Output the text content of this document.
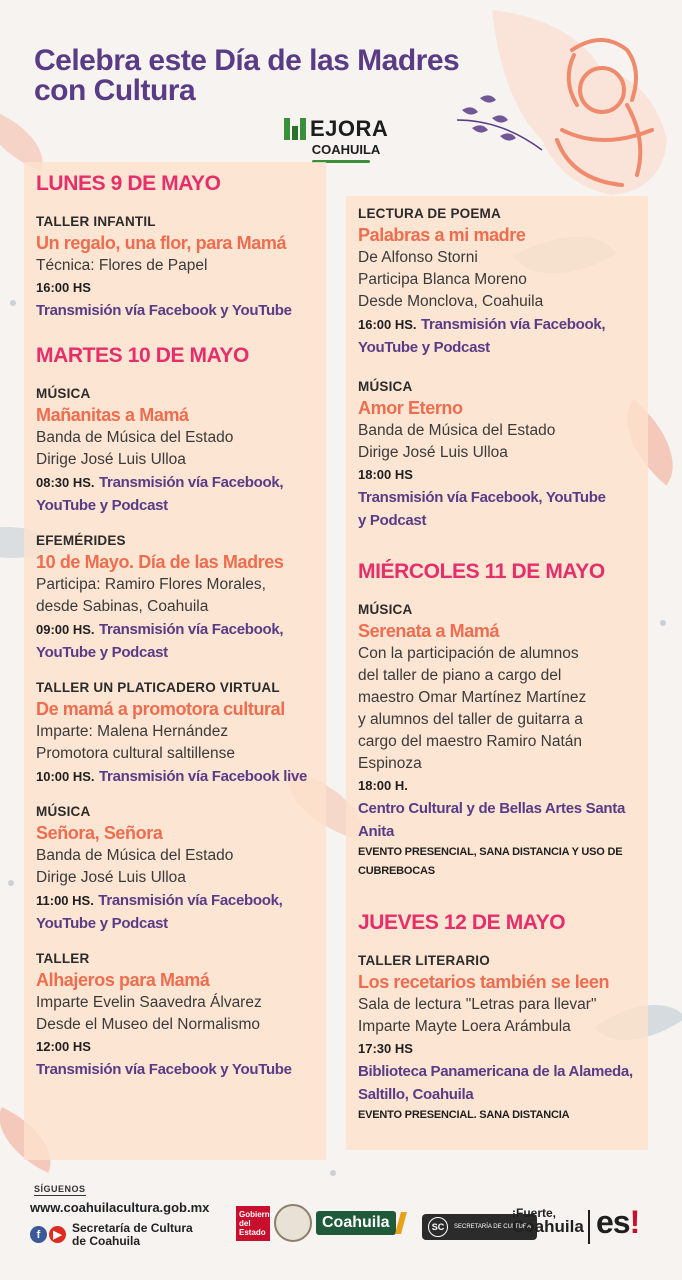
Celebra este Día de las Madres con Cultura
EJORA
COAHUILA
LUNES 9 DE MAYO
TALLER INFANTIL
Un regalo, una flor, para Mamá
Técnica: Flores de Papel
16:00 HS
Transmisión vía Facebook y YouTube
MARTES 10 DE MAYO
MÚSICA
Mañanitas a Mamá
Banda de Música del Estado
Dirige José Luis Ulloa
08:30 HS. Transmisión vía Facebook,
YouTube y Podcast
EFEMÉRIDES
10 de Mayo. Día de las Madres
Participa: Ramiro Flores Morales,
desde Sabinas, Coahuila
09:00 HS. Transmisión vía Facebook,
YouTube y Podcast
TALLER UN PLATICADERO VIRTUAL
De mamá a promotora cultural
Imparte: Malena Hernández
Promotora cultural saltillense
10:00 HS. Transmisión vía Facebook live
MÚSICA
Señora, Señora
Banda de Música del Estado
Dirige José Luis Ulloa
11:00 HS. Transmisión vía Facebook,
YouTube y Podcast
TALLER
Alhajeros para Mamá
Imparte Evelin Saavedra Álvarez
Desde el Museo del Normalismo
12:00 HS
Transmisión vía Facebook y YouTube
LECTURA DE POEMA
Palabras a mi madre
De Alfonso Storni
Participa Blanca Moreno
Desde Monclova, Coahuila
16:00 HS. Transmisión vía Facebook,
YouTube y Podcast
MÚSICA
Amor Eterno
Banda de Música del Estado
Dirige José Luis Ulloa
18:00 HS
Transmisión vía Facebook, YouTube
y Podcast
MIÉRCOLES 11 DE MAYO
MÚSICA
Serenata a Mamá
Con la participación de alumnos
del taller de piano a cargo del
maestro Omar Martínez Martínez
y alumnos del taller de guitarra a
cargo del maestro Ramiro Natán
Espinoza
18:00 H.
Centro Cultural y de Bellas Artes Santa
Anita
EVENTO PRESENCIAL, SANA DISTANCIA Y USO DE
CUBREBOCAS
JUEVES 12 DE MAYO
TALLER LITERARIO
Los recetarios también se leen
Sala de lectura "Letras para llevar"
Imparte Mayte Loera Arámbula
17:30 HS
Biblioteca Panamericana de la Alameda,
Saltillo, Coahuila
EVENTO PRESENCIAL. SANA DISTANCIA
SÍGUENOS
www.coahuilacultura.gob.mx
f	▶ Secretaría de Cultura
de Coahuila
Gobierno del Estado
Coahuila	SC	SECRETARÍA DE CULTURA
¡Fuerte,
Coahuila es!
